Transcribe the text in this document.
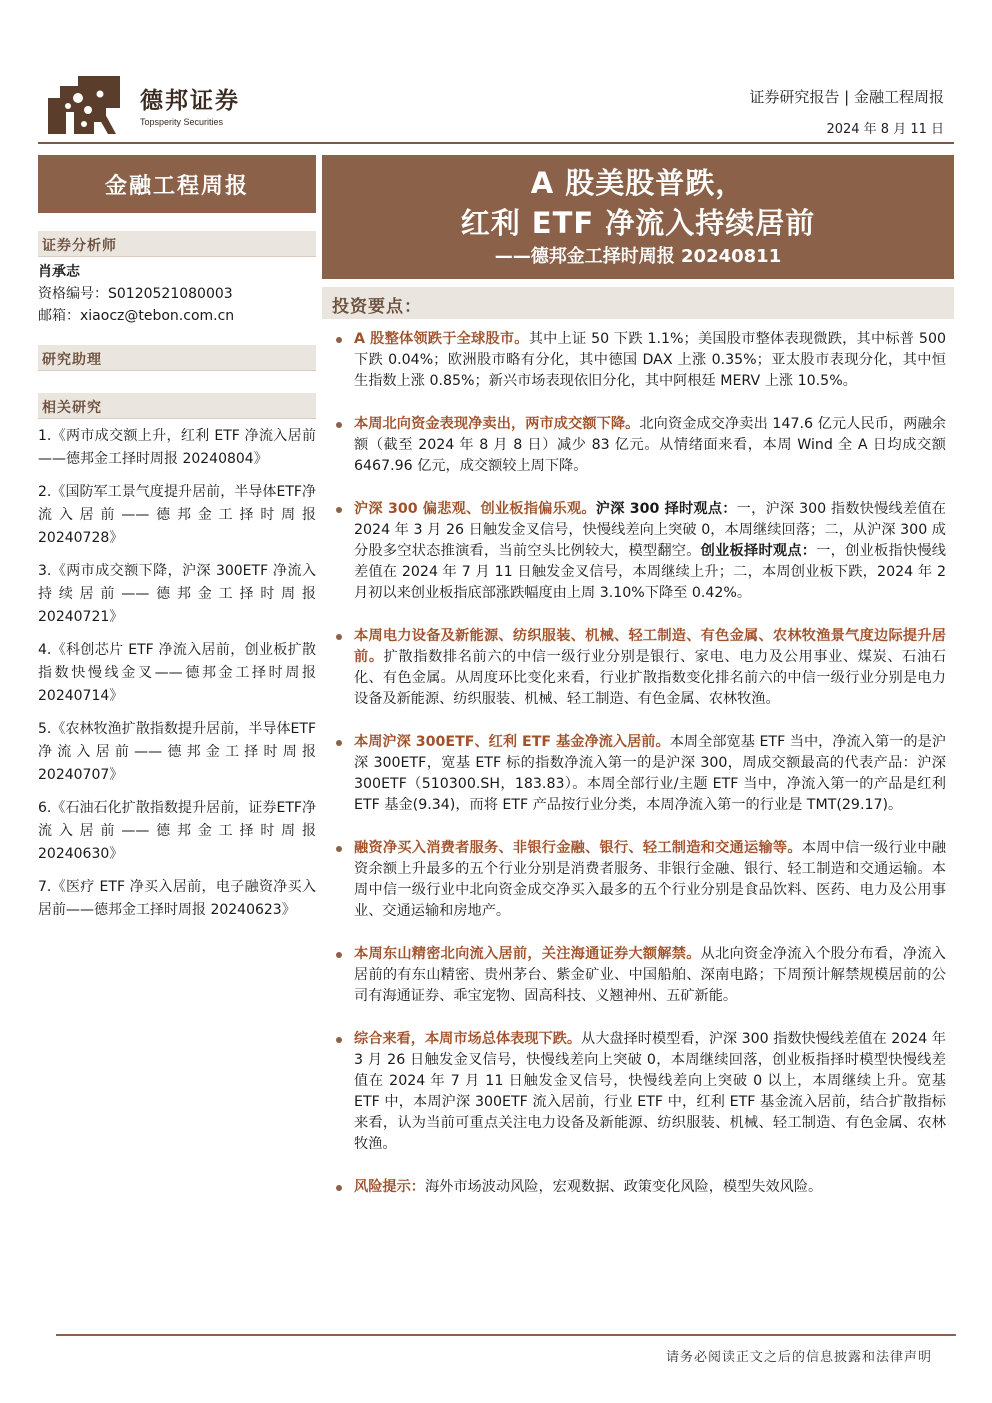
德邦证券
Topsperity Securities
证券研究报告 | 金融工程周报
2024 年 8 月 11 日
金融工程周报
证券分析师
肖承志
资格编号：S0120521080003
邮箱：xiaocz@tebon.com.cn
研究助理
相关研究
1.《两市成交额上升，红利 ETF 净流入居前——德邦金工择时周报 20240804》
2.《国防军工景气度提升居前，半导体ETF净流入居前——德邦金工择时周报 20240728》
3.《两市成交额下降，沪深 300ETF 净流入持续居前——德邦金工择时周报 20240721》
4.《科创芯片 ETF 净流入居前，创业板扩散指数快慢线金叉——德邦金工择时周报 20240714》
5.《农林牧渔扩散指数提升居前，半导体ETF净流入居前——德邦金工择时周报 20240707》
6.《石油石化扩散指数提升居前，证券ETF净流入居前——德邦金工择时周报 20240630》
7.《医疗 ETF 净买入居前，电子融资净买入居前——德邦金工择时周报 20240623》
A 股美股普跌，
红利 ETF 净流入持续居前
——德邦金工择时周报 20240811
投资要点：
A 股整体领跌于全球股市。其中上证 50 下跌 1.1%；美国股市整体表现微跌，其中标普 500 下跌 0.04%；欧洲股市略有分化，其中德国 DAX 上涨 0.35%；亚太股市表现分化，其中恒生指数上涨 0.85%；新兴市场表现依旧分化，其中阿根廷 MERV 上涨 10.5%。
本周北向资金表现净卖出，两市成交额下降。北向资金成交净卖出 147.6 亿元人民币，两融余额（截至 2024 年 8 月 8 日）减少 83 亿元。从情绪面来看，本周 Wind 全 A 日均成交额 6467.96 亿元，成交额较上周下降。
沪深 300 偏悲观、创业板指偏乐观。沪深 300 择时观点：一，沪深 300 指数快慢线差值在 2024 年 3 月 26 日触发金叉信号，快慢线差向上突破 0，本周继续回落；二，从沪深 300 成分股多空状态推演看，当前空头比例较大，模型翻空。创业板择时观点：一，创业板指快慢线差值在 2024 年 7 月 11 日触发金叉信号，本周继续上升；二，本周创业板下跌，2024 年 2 月初以来创业板指底部涨跌幅度由上周 3.10%下降至 0.42%。
本周电力设备及新能源、纺织服装、机械、轻工制造、有色金属、农林牧渔景气度边际提升居前。扩散指数排名前六的中信一级行业分别是银行、家电、电力及公用事业、煤炭、石油石化、有色金属。从周度环比变化来看，行业扩散指数变化排名前六的中信一级行业分别是电力设备及新能源、纺织服装、机械、轻工制造、有色金属、农林牧渔。
本周沪深 300ETF、红利 ETF 基金净流入居前。本周全部宽基 ETF 当中，净流入第一的是沪深 300ETF，宽基 ETF 标的指数净流入第一的是沪深 300，周成交额最高的代表产品：沪深 300ETF（510300.SH，183.83）。本周全部行业/主题 ETF 当中，净流入第一的产品是红利 ETF 基金(9.34)，而将 ETF 产品按行业分类，本周净流入第一的行业是 TMT(29.17)。
融资净买入消费者服务、非银行金融、银行、轻工制造和交通运输等。本周中信一级行业中融资余额上升最多的五个行业分别是消费者服务、非银行金融、银行、轻工制造和交通运输。本周中信一级行业中北向资金成交净买入最多的五个行业分别是食品饮料、医药、电力及公用事业、交通运输和房地产。
本周东山精密北向流入居前，关注海通证券大额解禁。从北向资金净流入个股分布看，净流入居前的有东山精密、贵州茅台、紫金矿业、中国船舶、深南电路；下周预计解禁规模居前的公司有海通证券、乖宝宠物、固高科技、义翘神州、五矿新能。
综合来看，本周市场总体表现下跌。从大盘择时模型看，沪深 300 指数快慢线差值在 2024 年 3 月 26 日触发金叉信号，快慢线差向上突破 0，本周继续回落，创业板指择时模型快慢线差值在 2024 年 7 月 11 日触发金叉信号，快慢线差向上突破 0 以上，本周继续上升。宽基 ETF 中，本周沪深 300ETF 流入居前，行业 ETF 中，红利 ETF 基金流入居前，结合扩散指标来看，认为当前可重点关注电力设备及新能源、纺织服装、机械、轻工制造、有色金属、农林牧渔。
风险提示：海外市场波动风险，宏观数据、政策变化风险，模型失效风险。
请务必阅读正文之后的信息披露和法律声明
